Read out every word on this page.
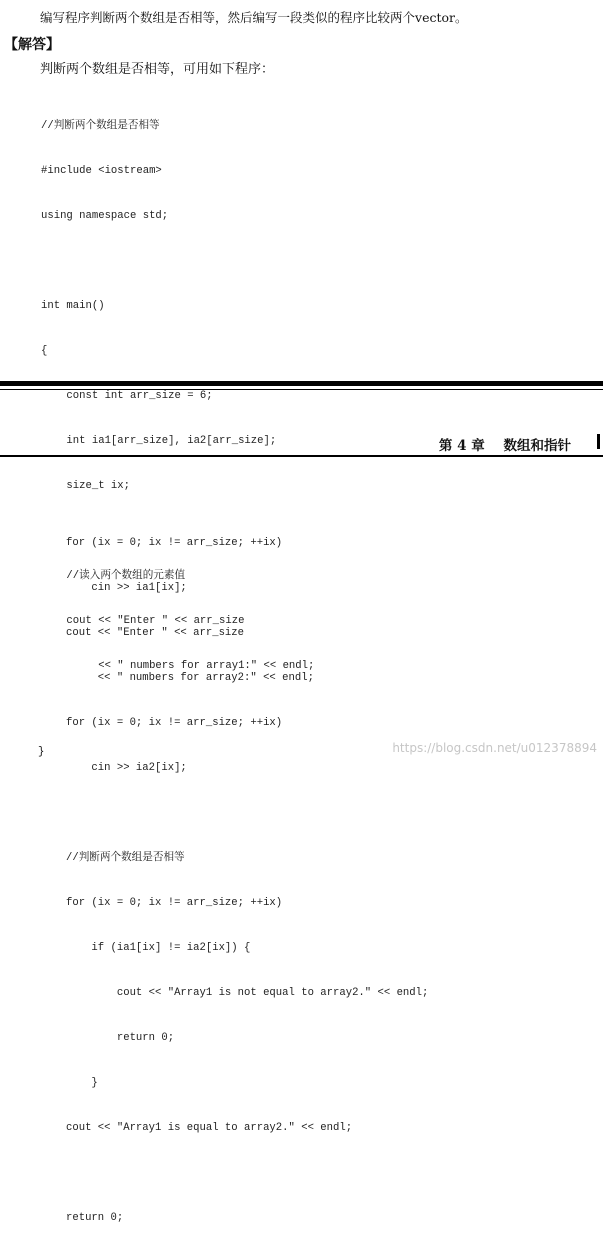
编写程序判断两个数组是否相等，然后编写一段类似的程序比较两个vector。
【解答】
判断两个数组是否相等，可用如下程序：

//判断两个数组是否相等

#include <iostream>

using namespace std;

int main()

{

const int arr_size = 6;

int ia1[arr_size], ia2[arr_size];

size_t ix;

//读入两个数组的元素值

cout << "Enter " << arr_size

<< " numbers for array1:" << endl;

第 4 章    数组和指针

for (ix = 0; ix != arr_size; ++ix)

cin >> ia1[ix];

cout << "Enter " << arr_size

<< " numbers for array2:" << endl;

for (ix = 0; ix != arr_size; ++ix)

cin >> ia2[ix];

//判断两个数组是否相等

for (ix = 0; ix != arr_size; ++ix)

if (ia1[ix] != ia2[ix]) {

cout << "Array1 is not equal to array2." << endl;

return 0;

}

cout << "Array1 is equal to array2." << endl;

return 0;

}	https://blog.csdn.net/u012378894
